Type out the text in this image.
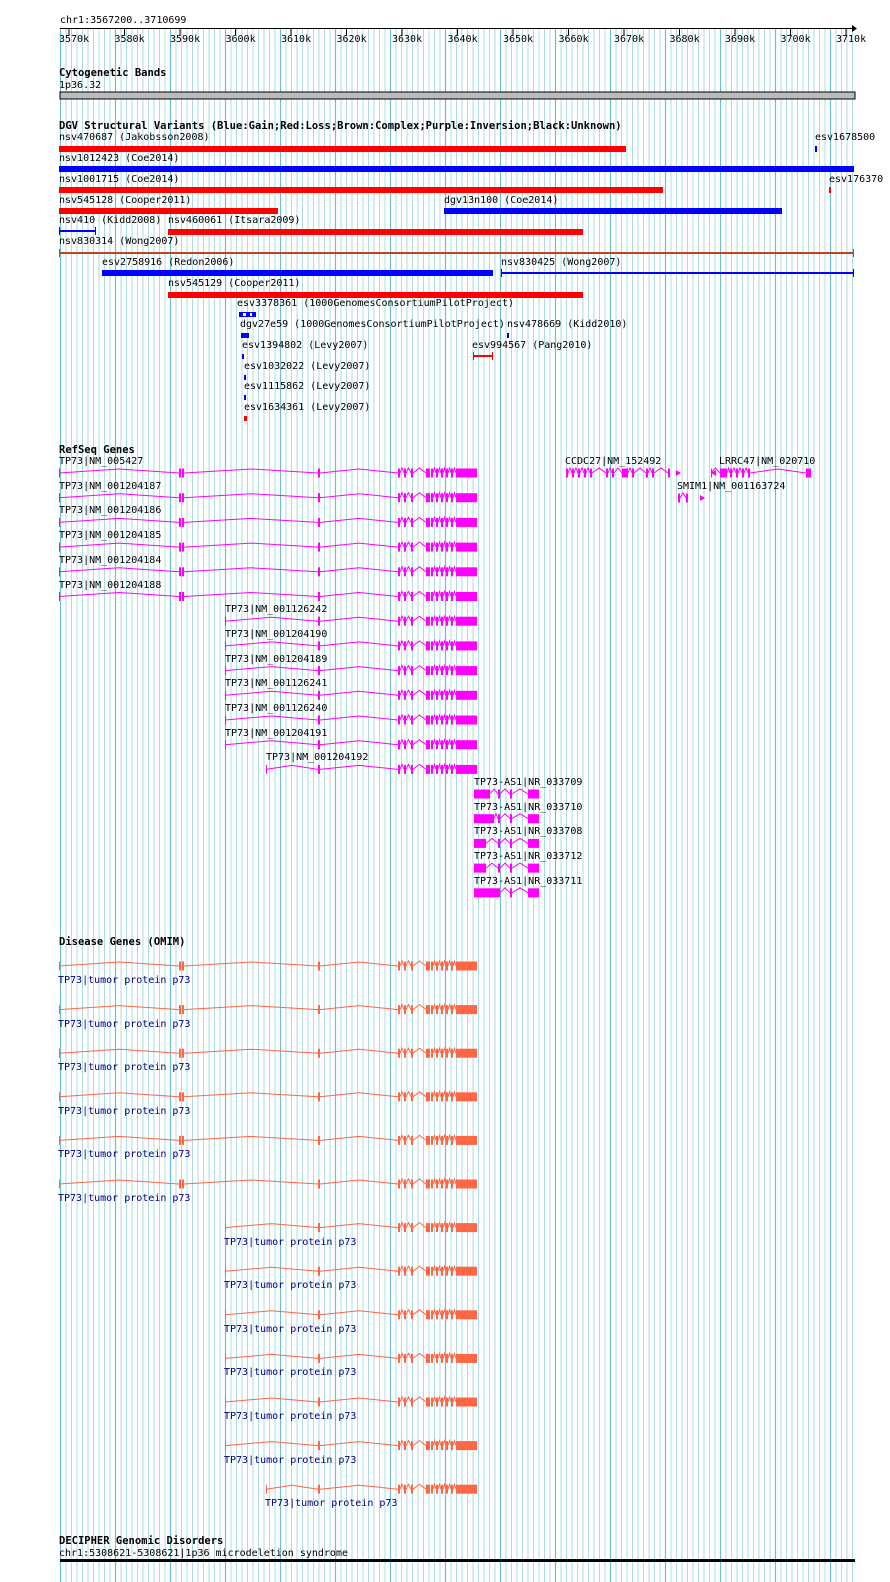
chr1:3567200..3710699
3570k	3580k	3590k	3600k	3610k	3620k	3630k	3640k	3650k	3660k	3670k	3680k	3690k	3700k	3710k
Cytogenetic Bands
1p36.32
DGV Structural Variants (Blue:Gain;Red:Loss;Brown:Complex;Purple:Inversion;Black:Unknown)
nsv470687 (Jakobsson2008)	esv1678500
nsv1012423 (Coe2014)
nsv1001715 (Coe2014)	esv176370
nsv545128 (Cooper2011)	dgv13n100 (Coe2014)
nsv410 (Kidd2008) nsv460061 (Itsara2009)
nsv830314 (Wong2007)
esv2758916 (Redon2006)	nsv830425 (Wong2007)
nsv545129 (Cooper2011)
esv3378361 (1000GenomesConsortiumPilotProject)
dgv27e59 (1000GenomesConsortiumPilotProject) nsv478669 (Kidd2010)
esv1394802 (Levy2007)	esv994567 (Pang2010)
esv1032022 (Levy2007)
esv1115862 (Levy2007)
esv1634361 (Levy2007)
RefSeq Genes
TP73|NM_005427
TP73|NM_001204187
TP73|NM_001204186
TP73|NM_001204185
TP73|NM_001204184
TP73|NM_001204188
TP73|NM_001126242
TP73|NM_001204190
TP73|NM_001204189
TP73|NM_001126241
TP73|NM_001126240
TP73|NM_001204191
TP73|NM_001204192
CCDC27|NM_152492	LRRC47|NM_020710
SMIM1|NM_001163724
TP73-AS1|NR_033709
TP73-AS1|NR_033710
TP73-AS1|NR_033708
TP73-AS1|NR_033712
TP73-AS1|NR_033711
Disease Genes (OMIM)
TP73|tumor protein p73
TP73|tumor protein p73
TP73|tumor protein p73
TP73|tumor protein p73
TP73|tumor protein p73
TP73|tumor protein p73
TP73|tumor protein p73
TP73|tumor protein p73
TP73|tumor protein p73
TP73|tumor protein p73
TP73|tumor protein p73
TP73|tumor protein p73
TP73|tumor protein p73
DECIPHER Genomic Disorders
chr1:5308621-5308621|1p36 microdeletion syndrome
